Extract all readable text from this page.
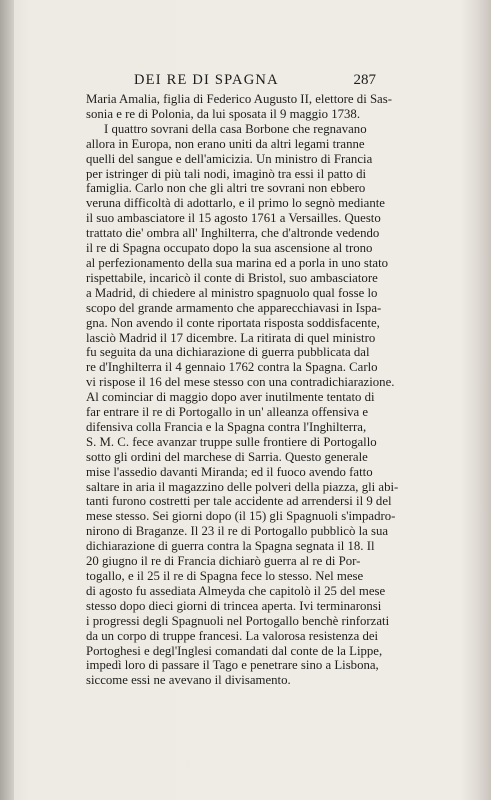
DEI RE DI SPAGNA	287
Maria Amalia, figlia di Federico Augusto II, elettore di Sas-
sonia e re di Polonia, da lui sposata il 9 maggio 1738.
I quattro sovrani della casa Borbone che regnavano
allora in Europa, non erano uniti da altri legami tranne
quelli del sangue e dell'amicizia. Un ministro di Francia
per istringer di più tali nodi, imaginò tra essi il patto di
famiglia. Carlo non che gli altri tre sovrani non ebbero
veruna difficoltà di adottarlo, e il primo lo segnò mediante
il suo ambasciatore il 15 agosto 1761 a Versailles. Questo
trattato die' ombra all' Inghilterra, che d'altronde vedendo
il re di Spagna occupato dopo la sua ascensione al trono
al perfezionamento della sua marina ed a porla in uno stato
rispettabile, incaricò il conte di Bristol, suo ambasciatore
a Madrid, di chiedere al ministro spagnuolo qual fosse lo
scopo del grande armamento che apparecchiavasi in Ispa-
gna. Non avendo il conte riportata risposta soddisfacente,
lasciò Madrid il 17 dicembre. La ritirata di quel ministro
fu seguita da una dichiarazione di guerra pubblicata dal
re d'Inghilterra il 4 gennaio 1762 contra la Spagna. Carlo
vi rispose il 16 del mese stesso con una contradichiarazione.
Al cominciar di maggio dopo aver inutilmente tentato di
far entrare il re di Portogallo in un' alleanza offensiva e
difensiva colla Francia e la Spagna contra l'Inghilterra,
S. M. C. fece avanzar truppe sulle frontiere di Portogallo
sotto gli ordini del marchese di Sarria. Questo generale
mise l'assedio davanti Miranda; ed il fuoco avendo fatto
saltare in aria il magazzino delle polveri della piazza, gli abi-
tanti furono costretti per tale accidente ad arrendersi il 9 del
mese stesso. Sei giorni dopo (il 15) gli Spagnuoli s'impadro-
nirono di Braganze. Il 23 il re di Portogallo pubblicò la sua
dichiarazione di guerra contra la Spagna segnata il 18. Il
20 giugno il re di Francia dichiarò guerra al re di Por-
togallo, e il 25 il re di Spagna fece lo stesso. Nel mese
di agosto fu assediata Almeyda che capitolò il 25 del mese
stesso dopo dieci giorni di trincea aperta. Ivi terminaronsi
i progressi degli Spagnuoli nel Portogallo benchè rinforzati
da un corpo di truppe francesi. La valorosa resistenza dei
Portoghesi e degl'Inglesi comandati dal conte de la Lippe,
impedì loro di passare il Tago e penetrare sino a Lisbona,
siccome essi ne avevano il divisamento.
